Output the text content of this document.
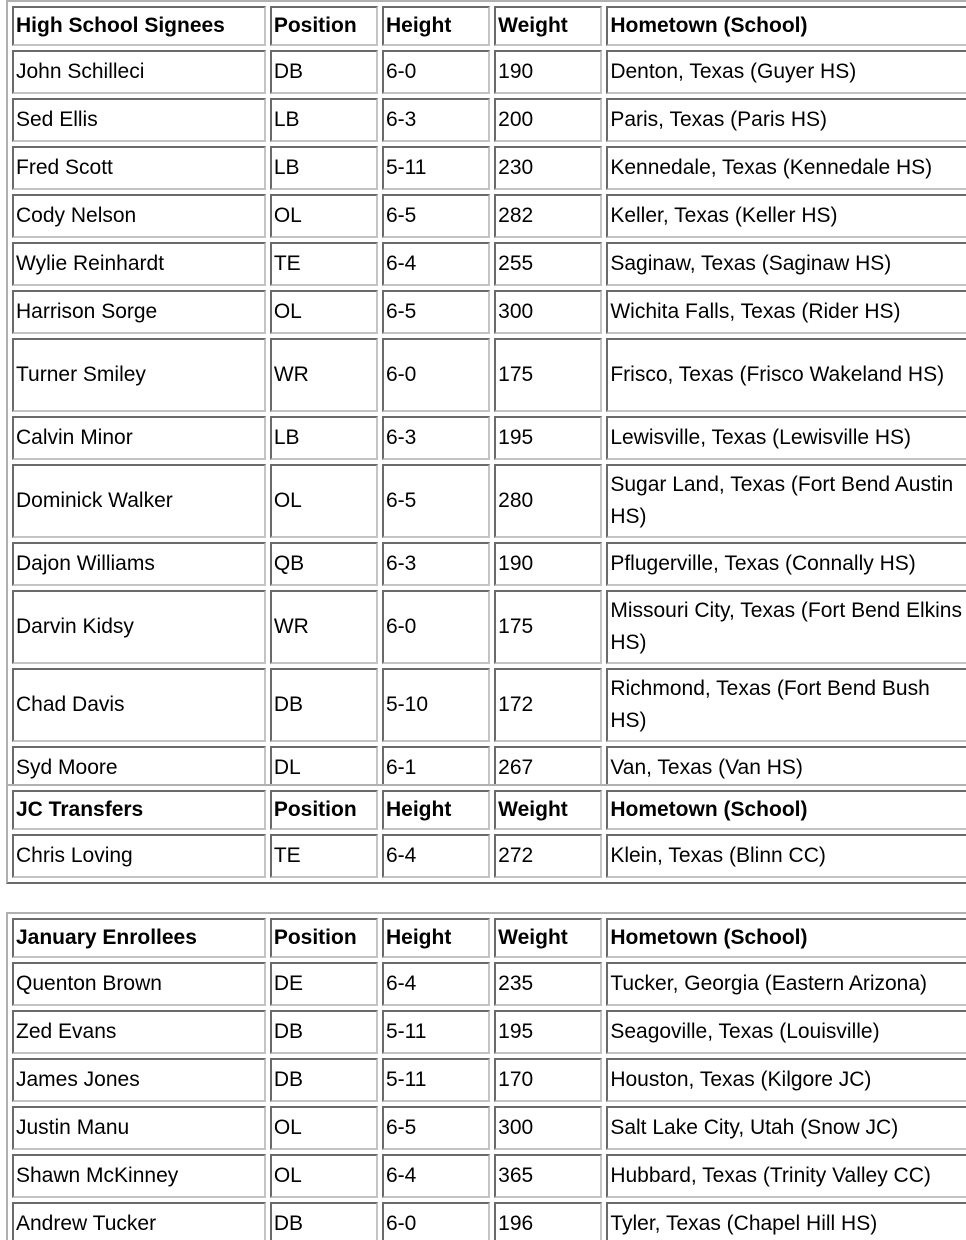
High School Signees	Position	Height	Weight	Hometown (School)	
John Schilleci	DB	6-0	190	Denton, Texas (Guyer HS)	
Sed Ellis	LB	6-3	200	Paris, Texas (Paris HS)	
Fred Scott	LB	5-11	230	Kennedale, Texas (Kennedale HS)	
Cody Nelson	OL	6-5	282	Keller, Texas (Keller HS)	
Wylie Reinhardt	TE	6-4	255	Saginaw, Texas (Saginaw HS)	
Harrison Sorge	OL	6-5	300	Wichita Falls, Texas (Rider HS)	
Turner Smiley	WR	6-0	175	Frisco, Texas (Frisco Wakeland HS)	
Calvin Minor	LB	6-3	195	Lewisville, Texas (Lewisville HS)	
Dominick Walker	OL	6-5	280	Sugar Land, Texas (Fort Bend Austin HS)	
Dajon Williams	QB	6-3	190	Pflugerville, Texas (Connally HS)	
Darvin Kidsy	WR	6-0	175	Missouri City, Texas (Fort Bend Elkins HS)	
Chad Davis	DB	5-10	172	Richmond, Texas (Fort Bend Bush HS)	
Syd Moore	DL	6-1	267	Van, Texas (Van HS)	
JC Transfers	Position	Height	Weight	Hometown (School)	
Chris Loving	TE	6-4	272	Klein, Texas (Blinn CC)	
January Enrollees	Position	Height	Weight	Hometown (School)	
Quenton Brown	DE	6-4	235	Tucker, Georgia (Eastern Arizona)	
Zed Evans	DB	5-11	195	Seagoville, Texas (Louisville)	
James Jones	DB	5-11	170	Houston, Texas (Kilgore JC)	
Justin Manu	OL	6-5	300	Salt Lake City, Utah (Snow JC)	
Shawn McKinney	OL	6-4	365	Hubbard, Texas (Trinity Valley CC)	
Andrew Tucker	DB	6-0	196	Tyler, Texas (Chapel Hill HS)	
